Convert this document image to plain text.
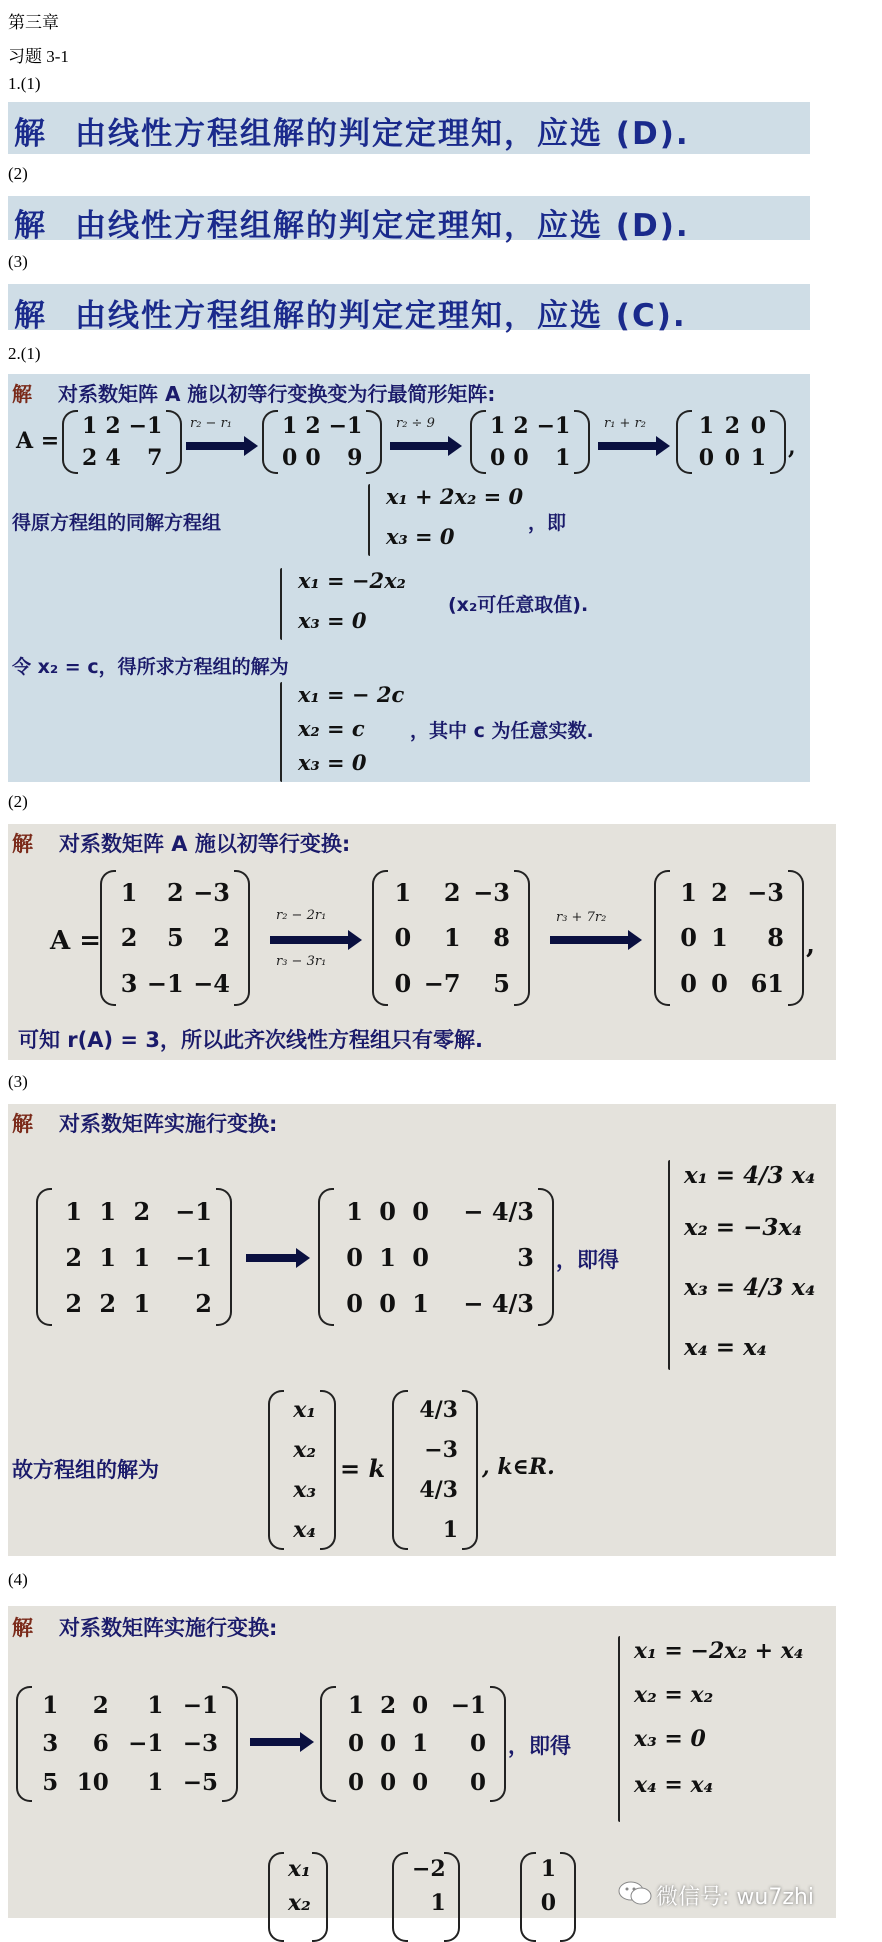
第三章
习题 3-1
1.(1)
解 由线性方程组解的判定定理知，应选 (D).
(2)
解 由线性方程组解的判定定理知，应选 (D).
(3)
解 由线性方程组解的判定定理知，应选 (C).
2.(1)
解 对系数矩阵 A 施以初等行变换变为行最简形矩阵:
A =
1	2	−1
2	4	7
r₂ − r₁ 1	2	−1
0	0	9
r₂ ÷ 9	1	2	−1
0	0	1
r₁ + r₂ 1	2	0
0	0	1 ,
得原方程组的同解方程组
x₁ + 2x₂ = 0
x₃ = 0
，即
x₁ = −2x₂
x₃ = 0
(x₂可任意取值).
令 x₂ = c，得所求方程组的解为
x₁ = − 2c
x₂ = c
x₃ = 0
，其中 c 为任意实数.
(2)
解 对系数矩阵 A 施以初等行变换:
A =
1	2	−3
2	5	2
3	−1	−4
r₂ − 2r₁
r₃ − 3r₁
1	2	−3
0	1	8
0	−7	5
r₃ + 7r₂
1	2	−3
0	1	8
0	0	61
,
可知 r(A) = 3，所以此齐次线性方程组只有零解.
(3)
解 对系数矩阵实施行变换:
1	1	2	−1
2	1	1	−1
2	2	1	2
1	0	0	− 4/3
0	1	0	3
0	0	1	− 4/3
，即得
x₁ = 4/3 x₄
x₂ = −3x₄
x₃ = 4/3 x₄
x₄ = x₄
故方程组的解为
x₁
x₂
x₃
x₄
= k
4/3
−3
4/3
1
, k∈R.
(4)
解 对系数矩阵实施行变换:
1	2	1	−1
3	6	−1	−3
5	10	1	−5
1	2	0	−1
0	0	1	0
0	0	0	0
，即得
x₁ = −2x₂ + x₄
x₂ = x₂
x₃ = 0
x₄ = x₄
x₁
x₂
−2
1
1
0	微信号: wu7zhi
